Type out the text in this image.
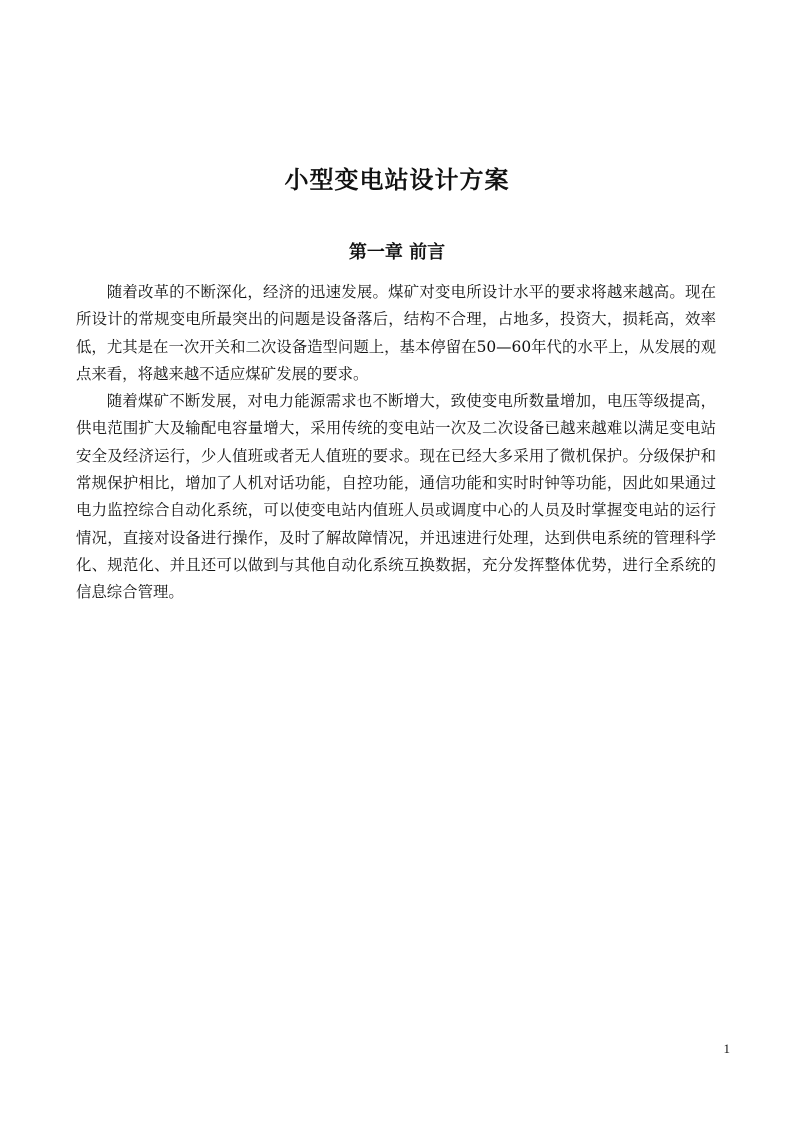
小型变电站设计方案
第一章 前言

随着改革的不断深化，经济的迅速发展。煤矿对变电所设计水平的要求将越来越高。现在所设计的常规变电所最突出的问题是设备落后，结构不合理，占地多，投资大，损耗高，效率低，尤其是在一次开关和二次设备造型问题上，基本停留在50—60年代的水平上，从发展的观点来看，将越来越不适应煤矿发展的要求。

随着煤矿不断发展，对电力能源需求也不断增大，致使变电所数量增加，电压等级提高，供电范围扩大及输配电容量增大，采用传统的变电站一次及二次设备已越来越难以满足变电站安全及经济运行，少人值班或者无人值班的要求。现在已经大多采用了微机保护。分级保护和常规保护相比，增加了人机对话功能，自控功能，通信功能和实时时钟等功能，因此如果通过电力监控综合自动化系统，可以使变电站内值班人员或调度中心的人员及时掌握变电站的运行情况，直接对设备进行操作，及时了解故障情况，并迅速进行处理，达到供电系统的管理科学化、规范化、并且还可以做到与其他自动化系统互换数据，充分发挥整体优势，进行全系统的信息综合管理。

1
